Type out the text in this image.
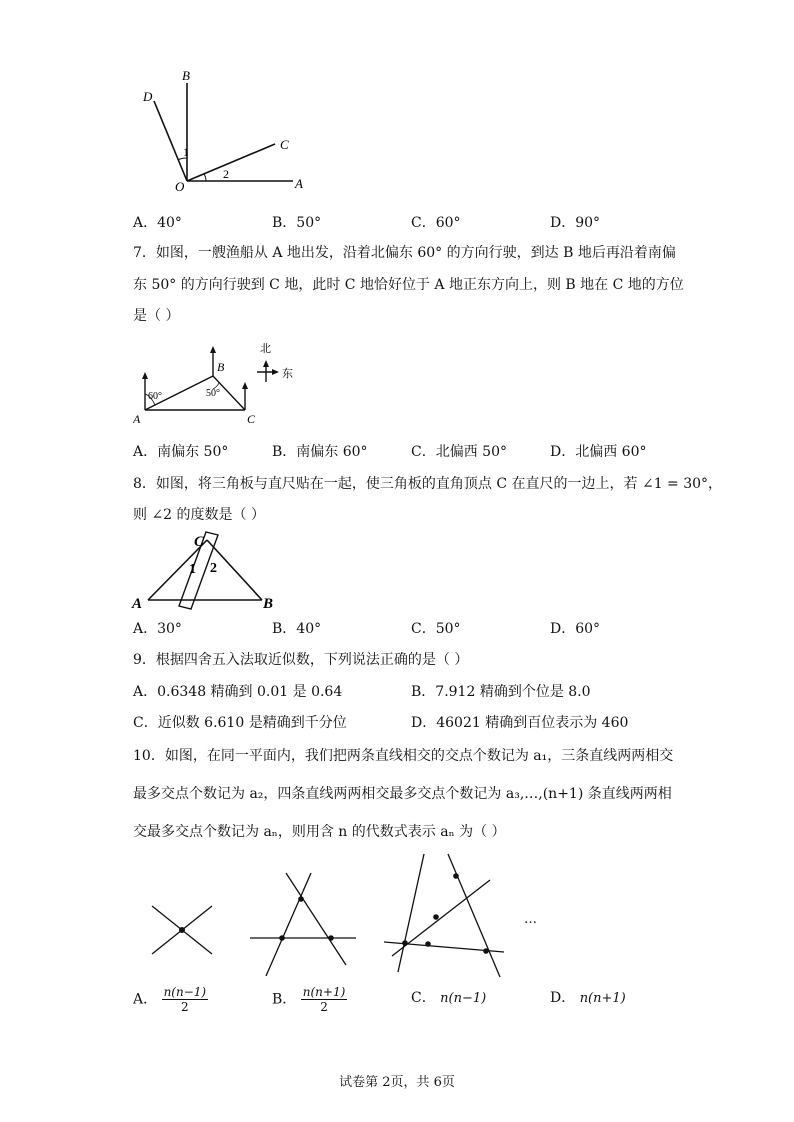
B
D
C
O	A
1
2
A．40°	B．50°	C．60°	D．90°
7．如图，一艘渔船从 A 地出发，沿着北偏东 60° 的方向行驶，到达 B 地后再沿着南偏
东 50° 的方向行驶到 C 地，此时 C 地恰好位于 A 地正东方向上，则 B 地在 C 地的方位
是（ ）
A
B
C
60°	50°
北
东
A．南偏东 50°	B．南偏东 60°	C．北偏西 50°	D．北偏西 60°
8．如图，将三角板与直尺贴在一起，使三角板的直角顶点 C 在直尺的一边上，若 ∠1 = 30°，
则 ∠2 的度数是（ ）
C
A	B
1 2
A．30°	B．40°	C．50°	D．60°
9．根据四舍五入法取近似数，下列说法正确的是（ ）
A．0.6348 精确到 0.01 是 0.64	B．7.912 精确到个位是 8.0
C．近似数 6.610 是精确到千分位	D．46021 精确到百位表示为 460
10．如图，在同一平面内，我们把两条直线相交的交点个数记为 a₁，三条直线两两相交
最多交点个数记为 a₂，四条直线两两相交最多交点个数记为 a₃,…,(n+1) 条直线两两相
交最多交点个数记为 aₙ，则用含 n 的代数式表示 aₙ 为（ ）
…
A． $\frac{n(n-1)}{2}$	B． $\frac{n(n+1)}{2}$	C． n(n−1)	D． n(n+1)
试卷第 2页，共 6页
